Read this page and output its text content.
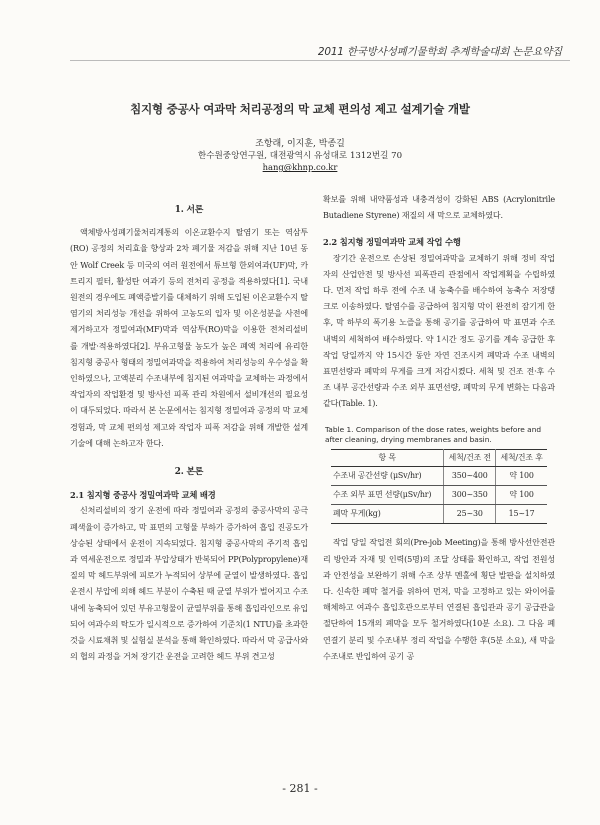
2011 한국방사성폐기물학회 추계학술대회 논문요약집
침지형 중공사 여과막 처리공정의 막 교체 편의성 제고 설계기술 개발
조항래, 이지훈, 박종길
한수원중앙연구원, 대전광역시 유성대로 1312번길 70
hang@khnp.co.kr
1. 서론

액체방사성폐기물처리계통의 이온교환수지 탈염기 또는 역삼투(RO) 공정의 처리효율 향상과 2차 폐기물 저감을 위해 지난 10년 동안 Wolf Creek 등 미국의 여러 원전에서 튜브형 한외여과(UF)막, 카트리지 필터, 활성탄 여과기 등의 전처리 공정을 적용하였다[1]. 국내 원전의 경우에도 폐액증발기를 대체하기 위해 도입된 이온교환수지 탈염기의 처리성능 개선을 위하여 고농도의 입자 및 이온성분을 사전에 제거하고자 정밀여과(MF)막과 역삼투(RO)막을 이용한 전처리설비를 개발·적용하였다[2]. 부유고형물 농도가 높은 폐액 처리에 유리한 침지형 중공사 형태의 정밀여과막을 적용하여 처리성능의 우수성을 확인하였으나, 고액분리 수조내부에 침지된 여과막을 교체하는 과정에서 작업자의 작업환경 및 방사선 피폭 관리 차원에서 설비개선의 필요성이 대두되었다. 따라서 본 논문에서는 침지형 정밀여과 공정의 막 교체 경험과, 막 교체 편의성 제고와 작업자 피폭 저감을 위해 개발한 설계기술에 대해 논하고자 한다.

2. 본론
2.1 침지형 중공사 정밀여과막 교체 배경

신처리설비의 장기 운전에 따라 정밀여과 공정의 중공사막의 공극 폐색율이 증가하고, 막 표면의 고형물 부하가 증가하여 흡입 진공도가 상승된 상태에서 운전이 지속되었다. 침지형 중공사막의 주기적 흡입과 역세운전으로 정밀과 부압상태가 반복되어 PP(Polypropylene)재질의 막 헤드부위에 피로가 누적되어 상부에 균열이 발생하였다. 흡입 운전시 부압에 의해 헤드 부분이 수축된 때 균열 부위가 벌어지고 수조내에 농축되어 있던 부유고형물이 균열부위를 통해 흡입라인으로 유입되어 여과수의 탁도가 일시적으로 증가하여 기준치(1 NTU)를 초과한 것을 시료채취 및 실험실 분석을 통해 확인하였다. 따라서 막 공급사와의 협의 과정을 거쳐 장기간 운전을 고려한 헤드 부위 견고성

확보를 위해 내약품성과 내충격성이 강화된 ABS (Acrylonitrile Butadiene Styrene) 재질의 새 막으로 교체하였다.

2.2 침지형 정밀여과막 교체 작업 수행

장기간 운전으로 손상된 정밀여과막을 교체하기 위해 정비 작업자의 산업안전 및 방사선 피폭관리 관점에서 작업계획을 수립하였다. 먼저 작업 하루 전에 수조 내 농축수를 배수하여 농축수 저장탱크로 이송하였다. 탈염수를 공급하여 침지형 막이 완전히 잠기게 한 후, 막 하부의 폭기용 노즐을 통해 공기를 공급하여 막 표면과 수조 내벽의 세척하여 배수하였다. 약 1시간 정도 공기를 계속 공급한 후 작업 당일까지 약 15시간 동안 자연 건조시켜 폐막과 수조 내벽의 표면선량과 폐막의 무게를 크게 저감시켰다. 세척 및 건조 전·후 수조 내부 공간선량과 수조 외부 표면선량, 폐막의 무게 변화는 다음과 같다(Table. 1).

Table 1. Comparison of the dose rates, weights before and after cleaning, drying membranes and basin.
항 목	세척/건조 전	세척/건조 후
수조내 공간선량 (μSv/hr)	350~400	약 100
수조 외부 표면 선량(μSv/hr)	300~350	약 100
폐막 무게(kg)	25~30	15~17

작업 당일 작업전 회의(Pre-job Meeting)을 통해 방사선안전관리 방안과 자재 및 인력(5명)의 조달 상태를 확인하고, 작업 전원성과 안전성을 보완하기 위해 수조 상부 멘홀에 횡단 발판을 설치하였다. 신속한 폐막 철거를 위하여 먼저, 막을 고정하고 있는 와이어를 해체하고 여과수 흡입호관으로부터 연결된 흡입관과 공기 공급관을 절단하여 15개의 폐막을 모두 철거하였다(10분 소요). 그 다음 폐 연결기 분리 및 수조내부 정리 작업을 수행한 후(5분 소요), 새 막을 수조내로 반입하여 공기 공

- 281 -
